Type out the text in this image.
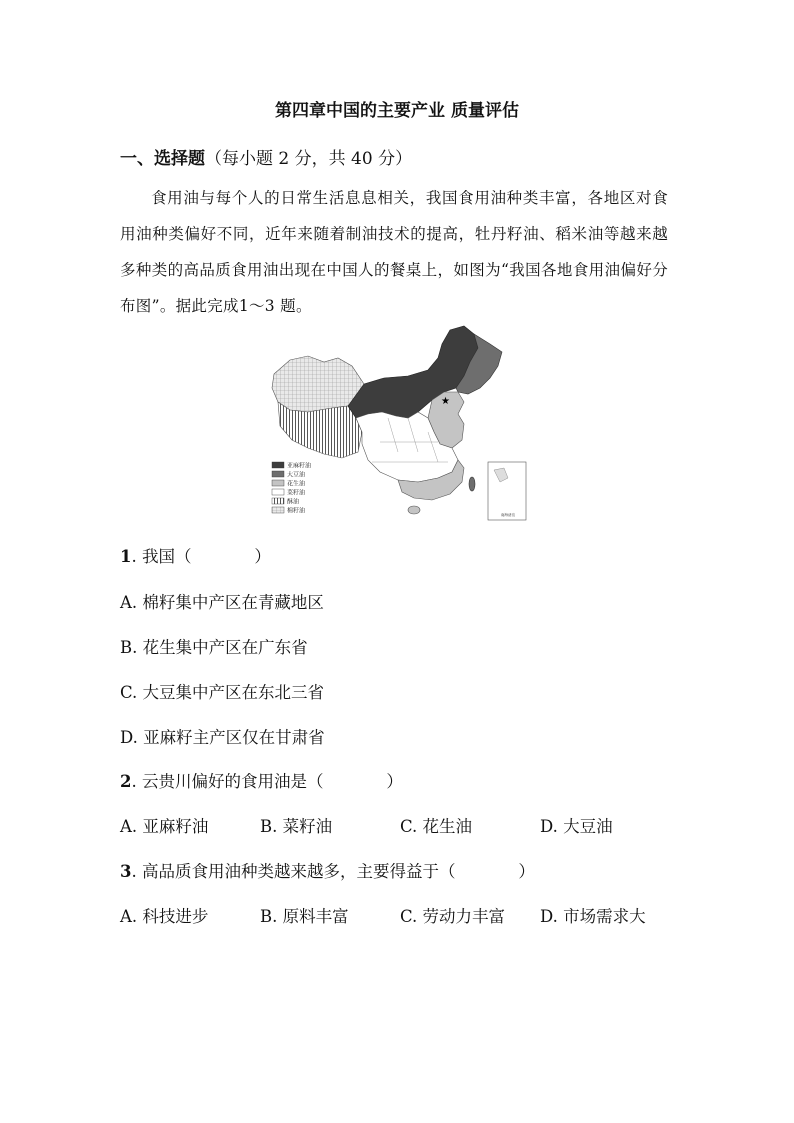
第四章中国的主要产业 质量评估
一、选择题（每小题 2 分，共 40 分）
食用油与每个人的日常生活息息相关，我国食用油种类丰富，各地区对食用油种类偏好不同，近年来随着制油技术的提高，牡丹籽油、稻米油等越来越多种类的高品质食用油出现在中国人的餐桌上，如图为“我国各地食用油偏好分布图”。据此完成1～3 题。
★
南海诸岛
亚麻籽油
大豆油
花生油
菜籽油
酥油
棉籽油
1. 我国（            ）
A. 棉籽集中产区在青藏地区
B. 花生集中产区在广东省
C. 大豆集中产区在东北三省
D. 亚麻籽主产区仅在甘肃省
2. 云贵川偏好的食用油是（            ）
A. 亚麻籽油	B. 菜籽油	C. 花生油	D. 大豆油
3. 高品质食用油种类越来越多，主要得益于（            ）
A. 科技进步	B. 原料丰富	C. 劳动力丰富 D. 市场需求大
